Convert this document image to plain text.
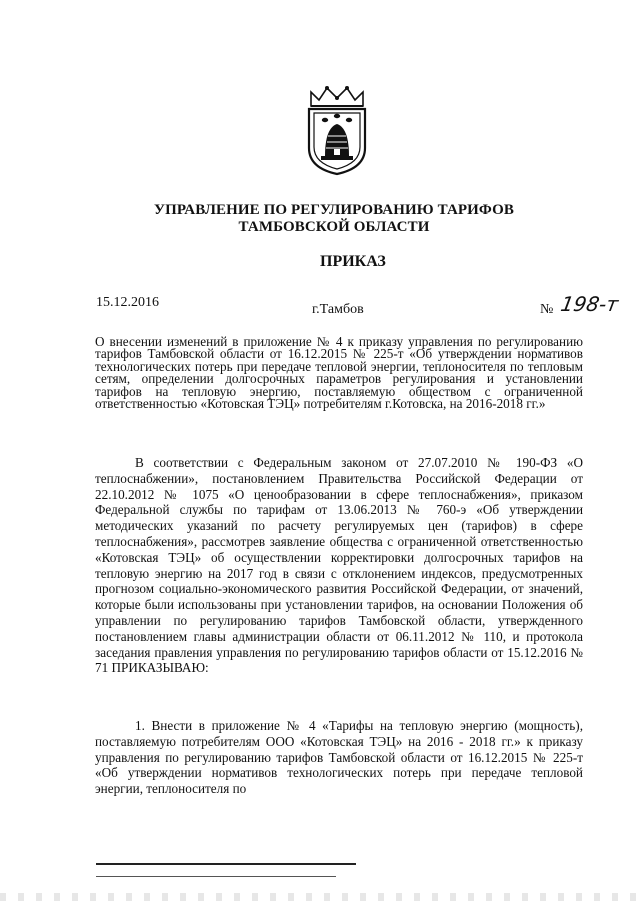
УПРАВЛЕНИЕ ПО РЕГУЛИРОВАНИЮ ТАРИФОВ
ТАМБОВСКОЙ ОБЛАСТИ
ПРИКАЗ
15.12.2016	г.Тамбов	№ 198-т
О внесении изменений в приложение № 4 к приказу управления по регулированию тарифов Тамбовской области от 16.12.2015 № 225-т «Об утверждении нормативов технологических потерь при передаче тепловой энергии, теплоносителя по тепловым сетям, определении долгосрочных параметров регулирования и установлении тарифов на тепловую энергию, поставляемую обществом с ограниченной ответственностью «Котовская ТЭЦ» потребителям г.Котовска, на 2016-2018 гг.»
В соответствии с Федеральным законом от 27.07.2010 № 190-ФЗ «О теплоснабжении», постановлением Правительства Российской Федерации от 22.10.2012 № 1075 «О ценообразовании в сфере теплоснабжения», приказом Федеральной службы по тарифам от 13.06.2013 № 760-э «Об утверждении методических указаний по расчету регулируемых цен (тарифов) в сфере теплоснабжения», рассмотрев заявление общества с ограниченной ответственностью «Котовская ТЭЦ» об осуществлении корректировки долгосрочных тарифов на тепловую энергию на 2017 год в связи с отклонением индексов, предусмотренных прогнозом социально-экономического развития Российской Федерации, от значений, которые были использованы при установлении тарифов, на основании Положения об управлении по регулированию тарифов Тамбовской области, утвержденного постановлением главы администрации области от 06.11.2012 № 110, и протокола заседания правления управления по регулированию тарифов области от 15.12.2016 № 71 ПРИКАЗЫВАЮ:
1. Внести в приложение № 4 «Тарифы на тепловую энергию (мощность), поставляемую потребителям ООО «Котовская ТЭЦ» на 2016 - 2018 гг.» к приказу управления по регулированию тарифов Тамбовской области от 16.12.2015 № 225-т «Об утверждении нормативов технологических потерь при передаче тепловой энергии, теплоносителя по
